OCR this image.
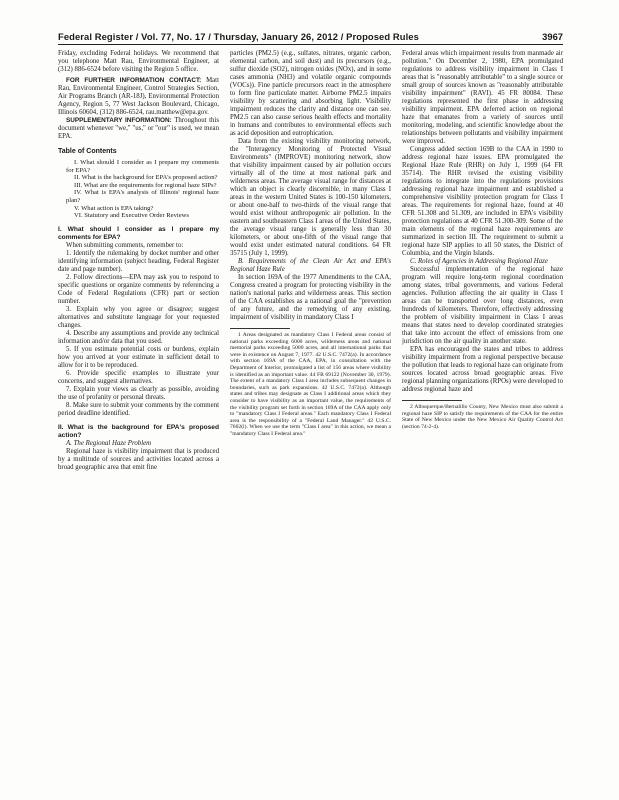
Federal Register / Vol. 77, No. 17 / Thursday, January 26, 2012 / Proposed Rules	3967

Friday, excluding Federal holidays. We recommend that you telephone Matt Rau, Environmental Engineer, at (312) 886-6524 before visiting the Region 5 office.

FOR FURTHER INFORMATION CONTACT: Matt Rau, Environmental Engineer, Control Strategies Section, Air Programs Branch (AR-18J), Environmental Protection Agency, Region 5, 77 West Jackson Boulevard, Chicago, Illinois 60604, (312) 886-6524, rau.matthew@epa.gov.

SUPPLEMENTARY INFORMATION: Throughout this document whenever "we," "us," or "our" is used, we mean EPA.

Table of Contents

I. What should I consider as I prepare my comments for EPA?

II. What is the background for EPA's proposed action?

III. What are the requirements for regional haze SIPs?

IV. What is EPA's analysis of Illinois' regional haze plan?

V. What action is EPA taking?

VI. Statutory and Executive Order Reviews

I. What should I consider as I prepare my comments for EPA?

When submitting comments, remember to:

1. Identify the rulemaking by docket number and other identifying information (subject heading, Federal Register date and page number).

2. Follow directions—EPA may ask you to respond to specific questions or organize comments by referencing a Code of Federal Regulations (CFR) part or section number.

3. Explain why you agree or disagree; suggest alternatives and substitute language for your requested changes.

4. Describe any assumptions and provide any technical information and/or data that you used.

5. If you estimate potential costs or burdens, explain how you arrived at your estimate in sufficient detail to allow for it to be reproduced.

6. Provide specific examples to illustrate your concerns, and suggest alternatives.

7. Explain your views as clearly as possible, avoiding the use of profanity or personal threats.

8. Make sure to submit your comments by the comment period deadline identified.

II. What is the background for EPA's proposed action?

A. The Regional Haze Problem

Regional haze is visibility impairment that is produced by a multitude of sources and activities located across a broad geographic area that emit fine

particles (PM2.5) (e.g., sulfates, nitrates, organic carbon, elemental carbon, and soil dust) and its precursors (e.g., sulfur dioxide (SO2), nitrogen oxides (NOx), and in some cases ammonia (NH3) and volatile organic compounds (VOCs)). Fine particle precursors react in the atmosphere to form fine particulate matter. Airborne PM2.5 impairs visibility by scattering and absorbing light. Visibility impairment reduces the clarity and distance one can see. PM2.5 can also cause serious health effects and mortality in humans and contributes to environmental effects such as acid deposition and eutrophication.

Data from the existing visibility monitoring network, the "Interagency Monitoring of Protected Visual Environments" (IMPROVE) monitoring network, show that visibility impairment caused by air pollution occurs virtually all of the time at most national park and wilderness areas. The average visual range for distances at which an object is clearly discernible, in many Class I areas in the western United States is 100-150 kilometers, or about one-half to two-thirds of the visual range that would exist without anthropogenic air pollution. In the eastern and southeastern Class I areas of the United States, the average visual range is generally less than 30 kilometers, or about one-fifth of the visual range that would exist under estimated natural conditions. 64 FR 35715 (July 1, 1999).

B. Requirements of the Clean Air Act and EPA's Regional Haze Rule

In section 169A of the 1977 Amendments to the CAA, Congress created a program for protecting visibility in the nation's national parks and wilderness areas. This section of the CAA establishes as a national goal the "prevention of any future, and the remedying of any existing, impairment of visibility in mandatory Class I

1 Areas designated as mandatory Class I Federal areas consist of national parks exceeding 6000 acres, wilderness areas and national memorial parks exceeding 5000 acres, and all international parks that were in existence on August 7, 1977. 42 U.S.C. 7472(a). In accordance with section 169A of the CAA, EPA, in consultation with the Department of Interior, promulgated a list of 156 areas where visibility is identified as an important value. 44 FR 69122 (November 30, 1979). The extent of a mandatory Class I area includes subsequent changes in boundaries, such as park expansions. 42 U.S.C. 7472(a). Although states and tribes may designate as Class I additional areas which they consider to have visibility as an important value, the requirements of the visibility program set forth in section 169A of the CAA apply only to "mandatory Class I Federal areas." Each mandatory Class I Federal area is the responsibility of a "Federal Land Manager." 42 U.S.C. 7602(i). When we use the term "Class I area" in this action, we mean a "mandatory Class I Federal area."

Federal areas which impairment results from manmade air pollution." On December 2, 1980, EPA promulgated regulations to address visibility impairment in Class I areas that is "reasonably attributable" to a single source or small group of sources known as "reasonably attributable visibility impairment" (RAVI). 45 FR 80084. These regulations represented the first phase in addressing visibility impairment. EPA deferred action on regional haze that emanates from a variety of sources until monitoring, modeling, and scientific knowledge about the relationships between pollutants and visibility impairment were improved.

Congress added section 169B to the CAA in 1990 to address regional haze issues. EPA promulgated the Regional Haze Rule (RHR) on July 1, 1999 (64 FR 35714). The RHR revised the existing visibility regulations to integrate into the regulations provisions addressing regional haze impairment and established a comprehensive visibility protection program for Class I areas. The requirements for regional haze, found at 40 CFR 51.308 and 51.309, are included in EPA's visibility protection regulations at 40 CFR 51.300-309. Some of the main elements of the regional haze requirements are summarized in section III. The requirement to submit a regional haze SIP applies to all 50 states, the District of Columbia, and the Virgin Islands.

C. Roles of Agencies in Addressing Regional Haze

Successful implementation of the regional haze program will require long-term regional coordination among states, tribal governments, and various Federal agencies. Pollution affecting the air quality in Class I areas can be transported over long distances, even hundreds of kilometers. Therefore, effectively addressing the problem of visibility impairment in Class I areas means that states need to develop coordinated strategies that take into account the effect of emissions from one jurisdiction on the air quality in another state.

EPA has encouraged the states and tribes to address visibility impairment from a regional perspective because the pollution that leads to regional haze can originate from sources located across broad geographic areas. Five regional planning organizations (RPOs) were developed to address regional haze and

2 Albuquerque/Bernalillo County, New Mexico must also submit a regional haze SIP to satisfy the requirements of the CAA for the entire State of New Mexico under the New Mexico Air Quality Control Act (section 74-2-4).
